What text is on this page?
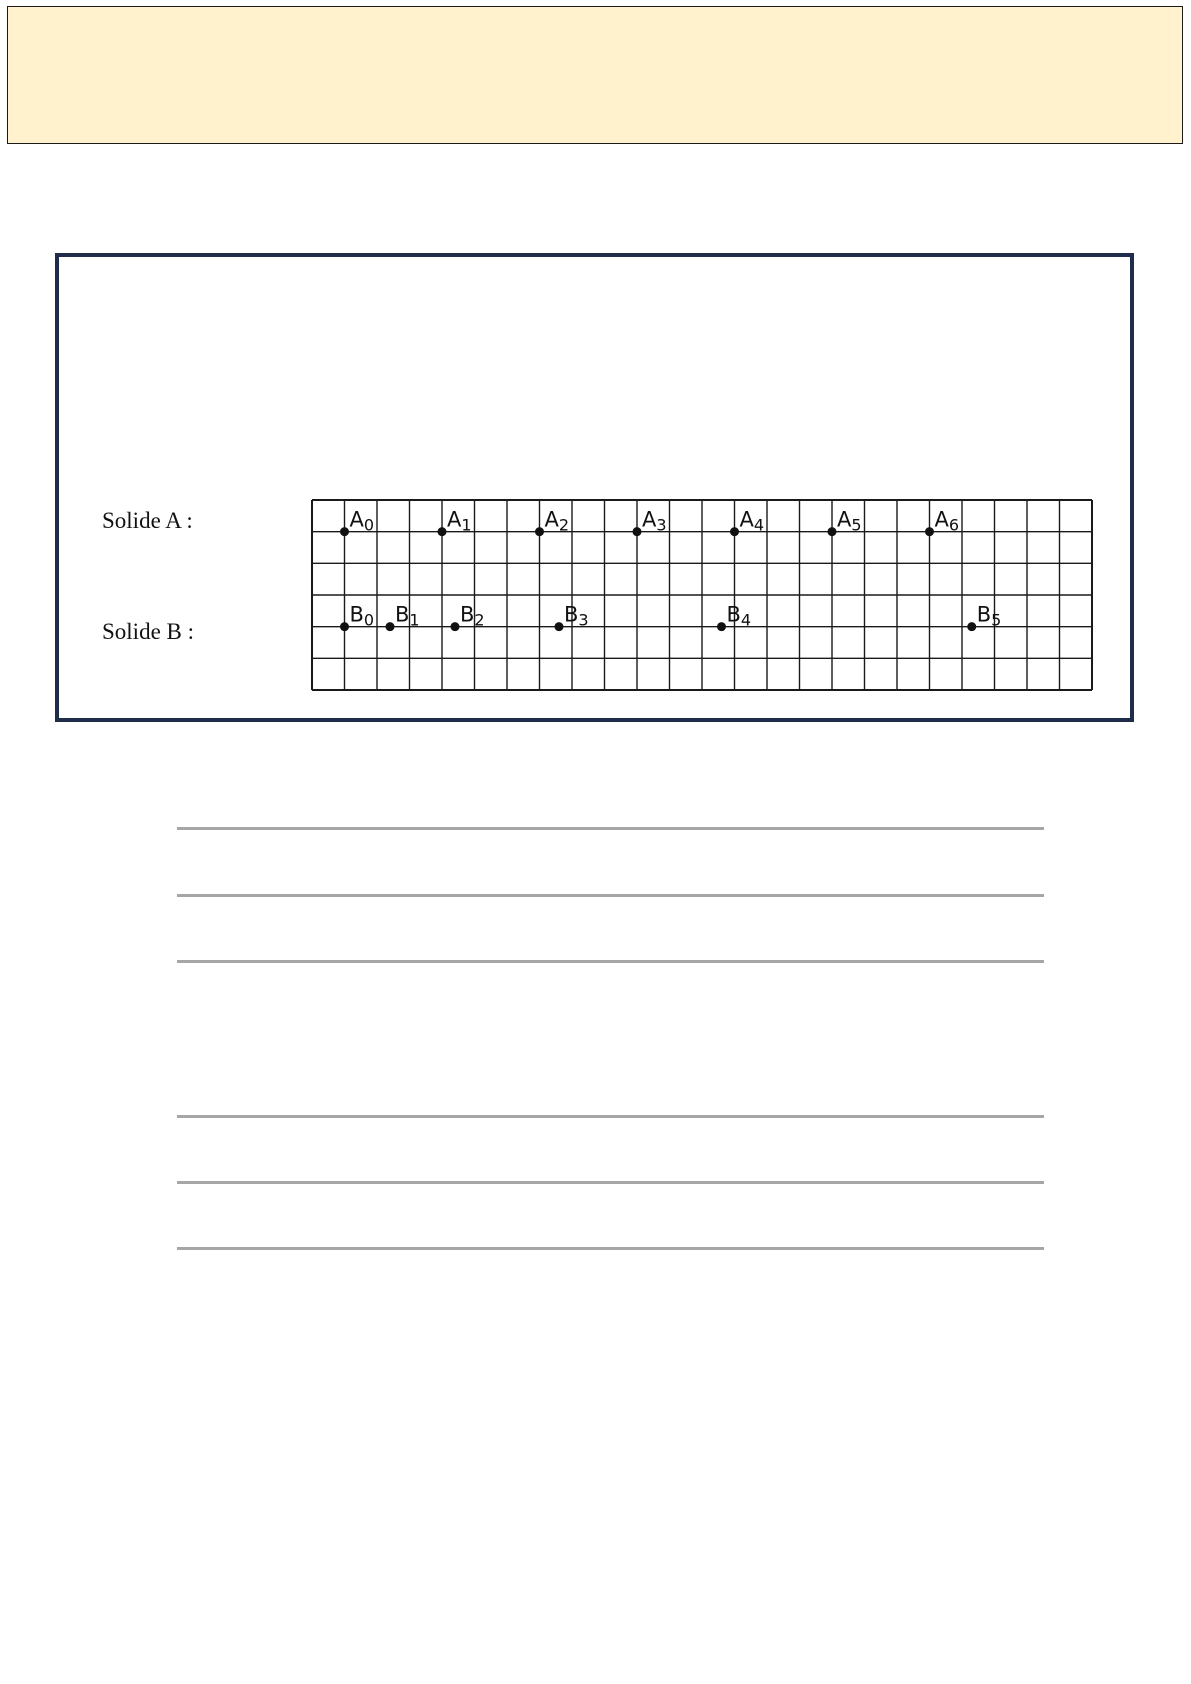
Solide A :
Solide B :
A0	A1	A2	A3	A4	A5	A6
B0 B1 B2	B3	B4	B5
